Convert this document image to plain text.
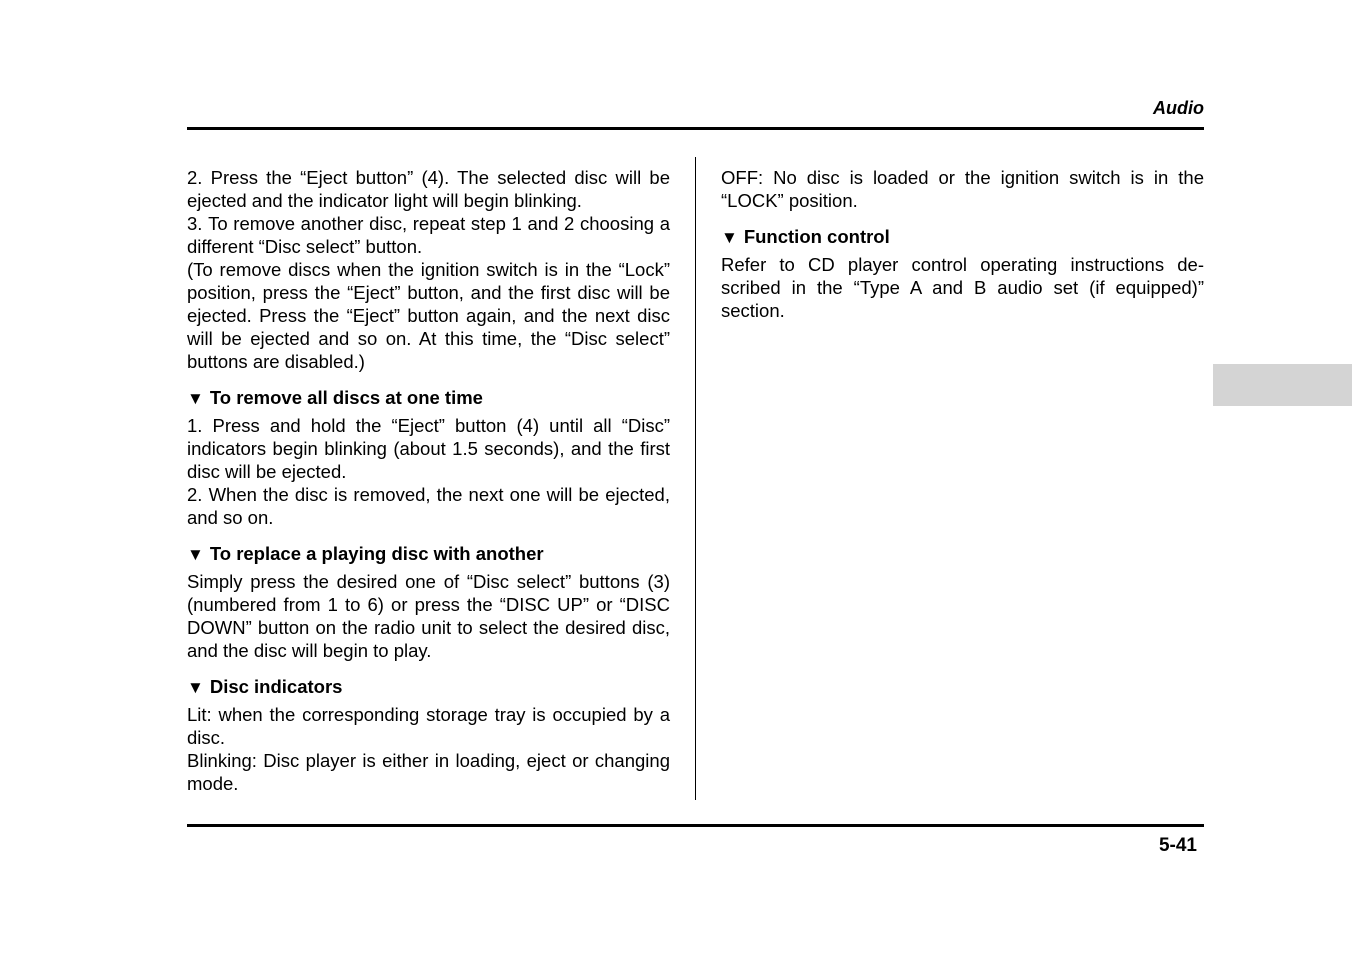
Audio

2. Press the “Eject button” (4). The selected disc will be ejected and the indicator light will begin blinking.

3. To remove another disc, repeat step 1 and 2 choosing a different “Disc select” button.

(To remove discs when the ignition switch is in the “Lock” position, press the “Eject” button, and the first disc will be ejected. Press the “Eject” button again, and the next disc will be ejected and so on. At this time, the “Disc select” buttons are disabled.)

▼ To remove all discs at one time

1. Press and hold the “Eject” button (4) until all “Disc” indicators begin blinking (about 1.5 seconds), and the first disc will be ejected.

2. When the disc is removed, the next one will be ejected, and so on.

▼ To replace a playing disc with another

Simply press the desired one of “Disc select” buttons (3) (numbered from 1 to 6) or press the “DISC UP” or “DISC DOWN” button on the radio unit to select the desired disc, and the disc will begin to play.

▼ Disc indicators

Lit: when the corresponding storage tray is occupied by a disc.

Blinking: Disc player is either in loading, eject or changing mode.

OFF: No disc is loaded or the ignition switch is in the “LOCK” position.

▼ Function control

Refer to CD player control operating instructions de-scribed in the “Type A and B audio set (if equipped)” section.

5-41
